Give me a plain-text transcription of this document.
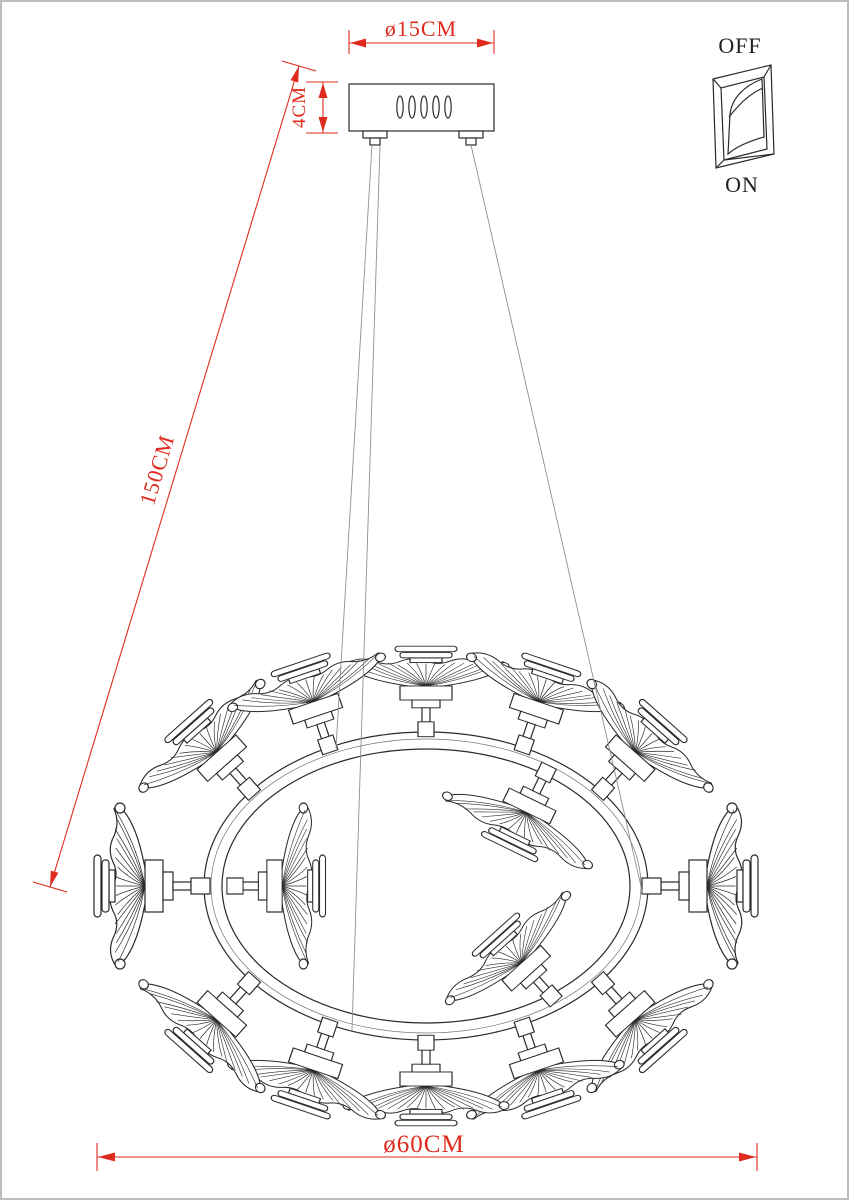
ø15CM
4CM
150CM
ø60CM
OFF
ON
